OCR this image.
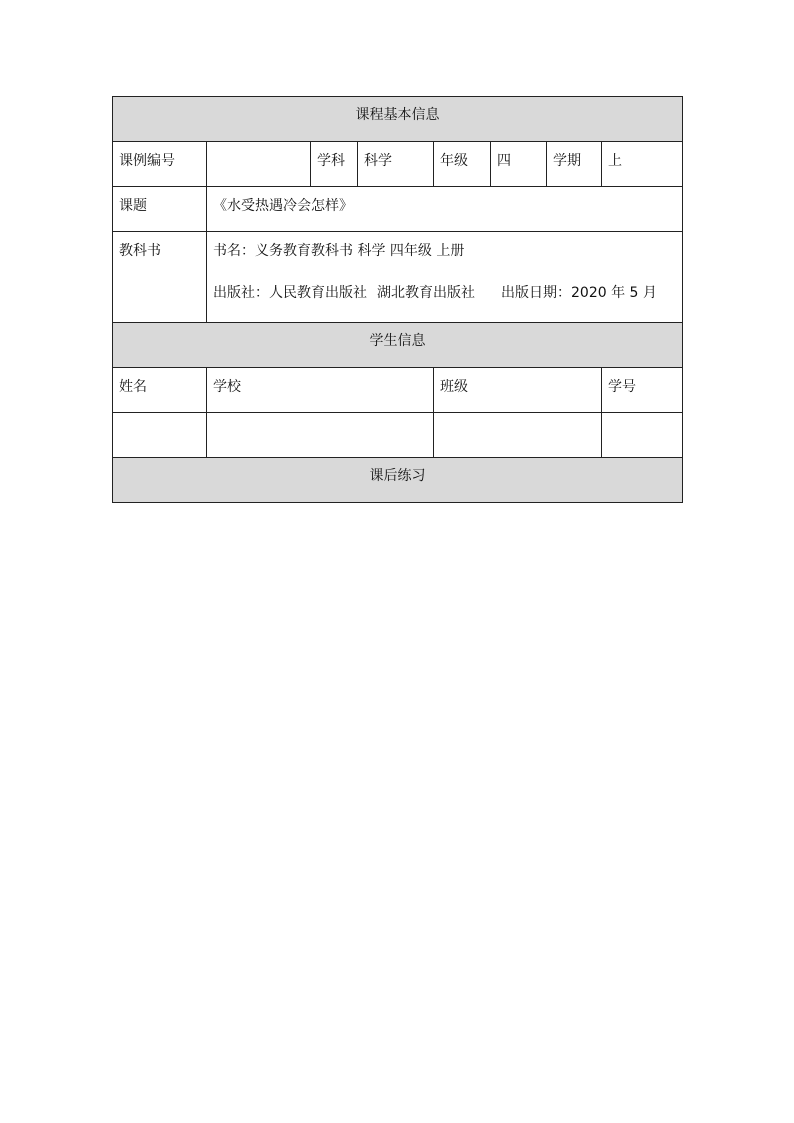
课程基本信息							
课例编号		学科	科学	年级	四	学期	上
课题	《水受热遇冷会怎样》						
教科书	书名：义务教育教科书 科学 四年级 上册
出版社：人民教育出版社 湖北教育出版社 出版日期：2020 年 5 月						

学生信息							
姓名	学校			班级			学号

课后练习							
